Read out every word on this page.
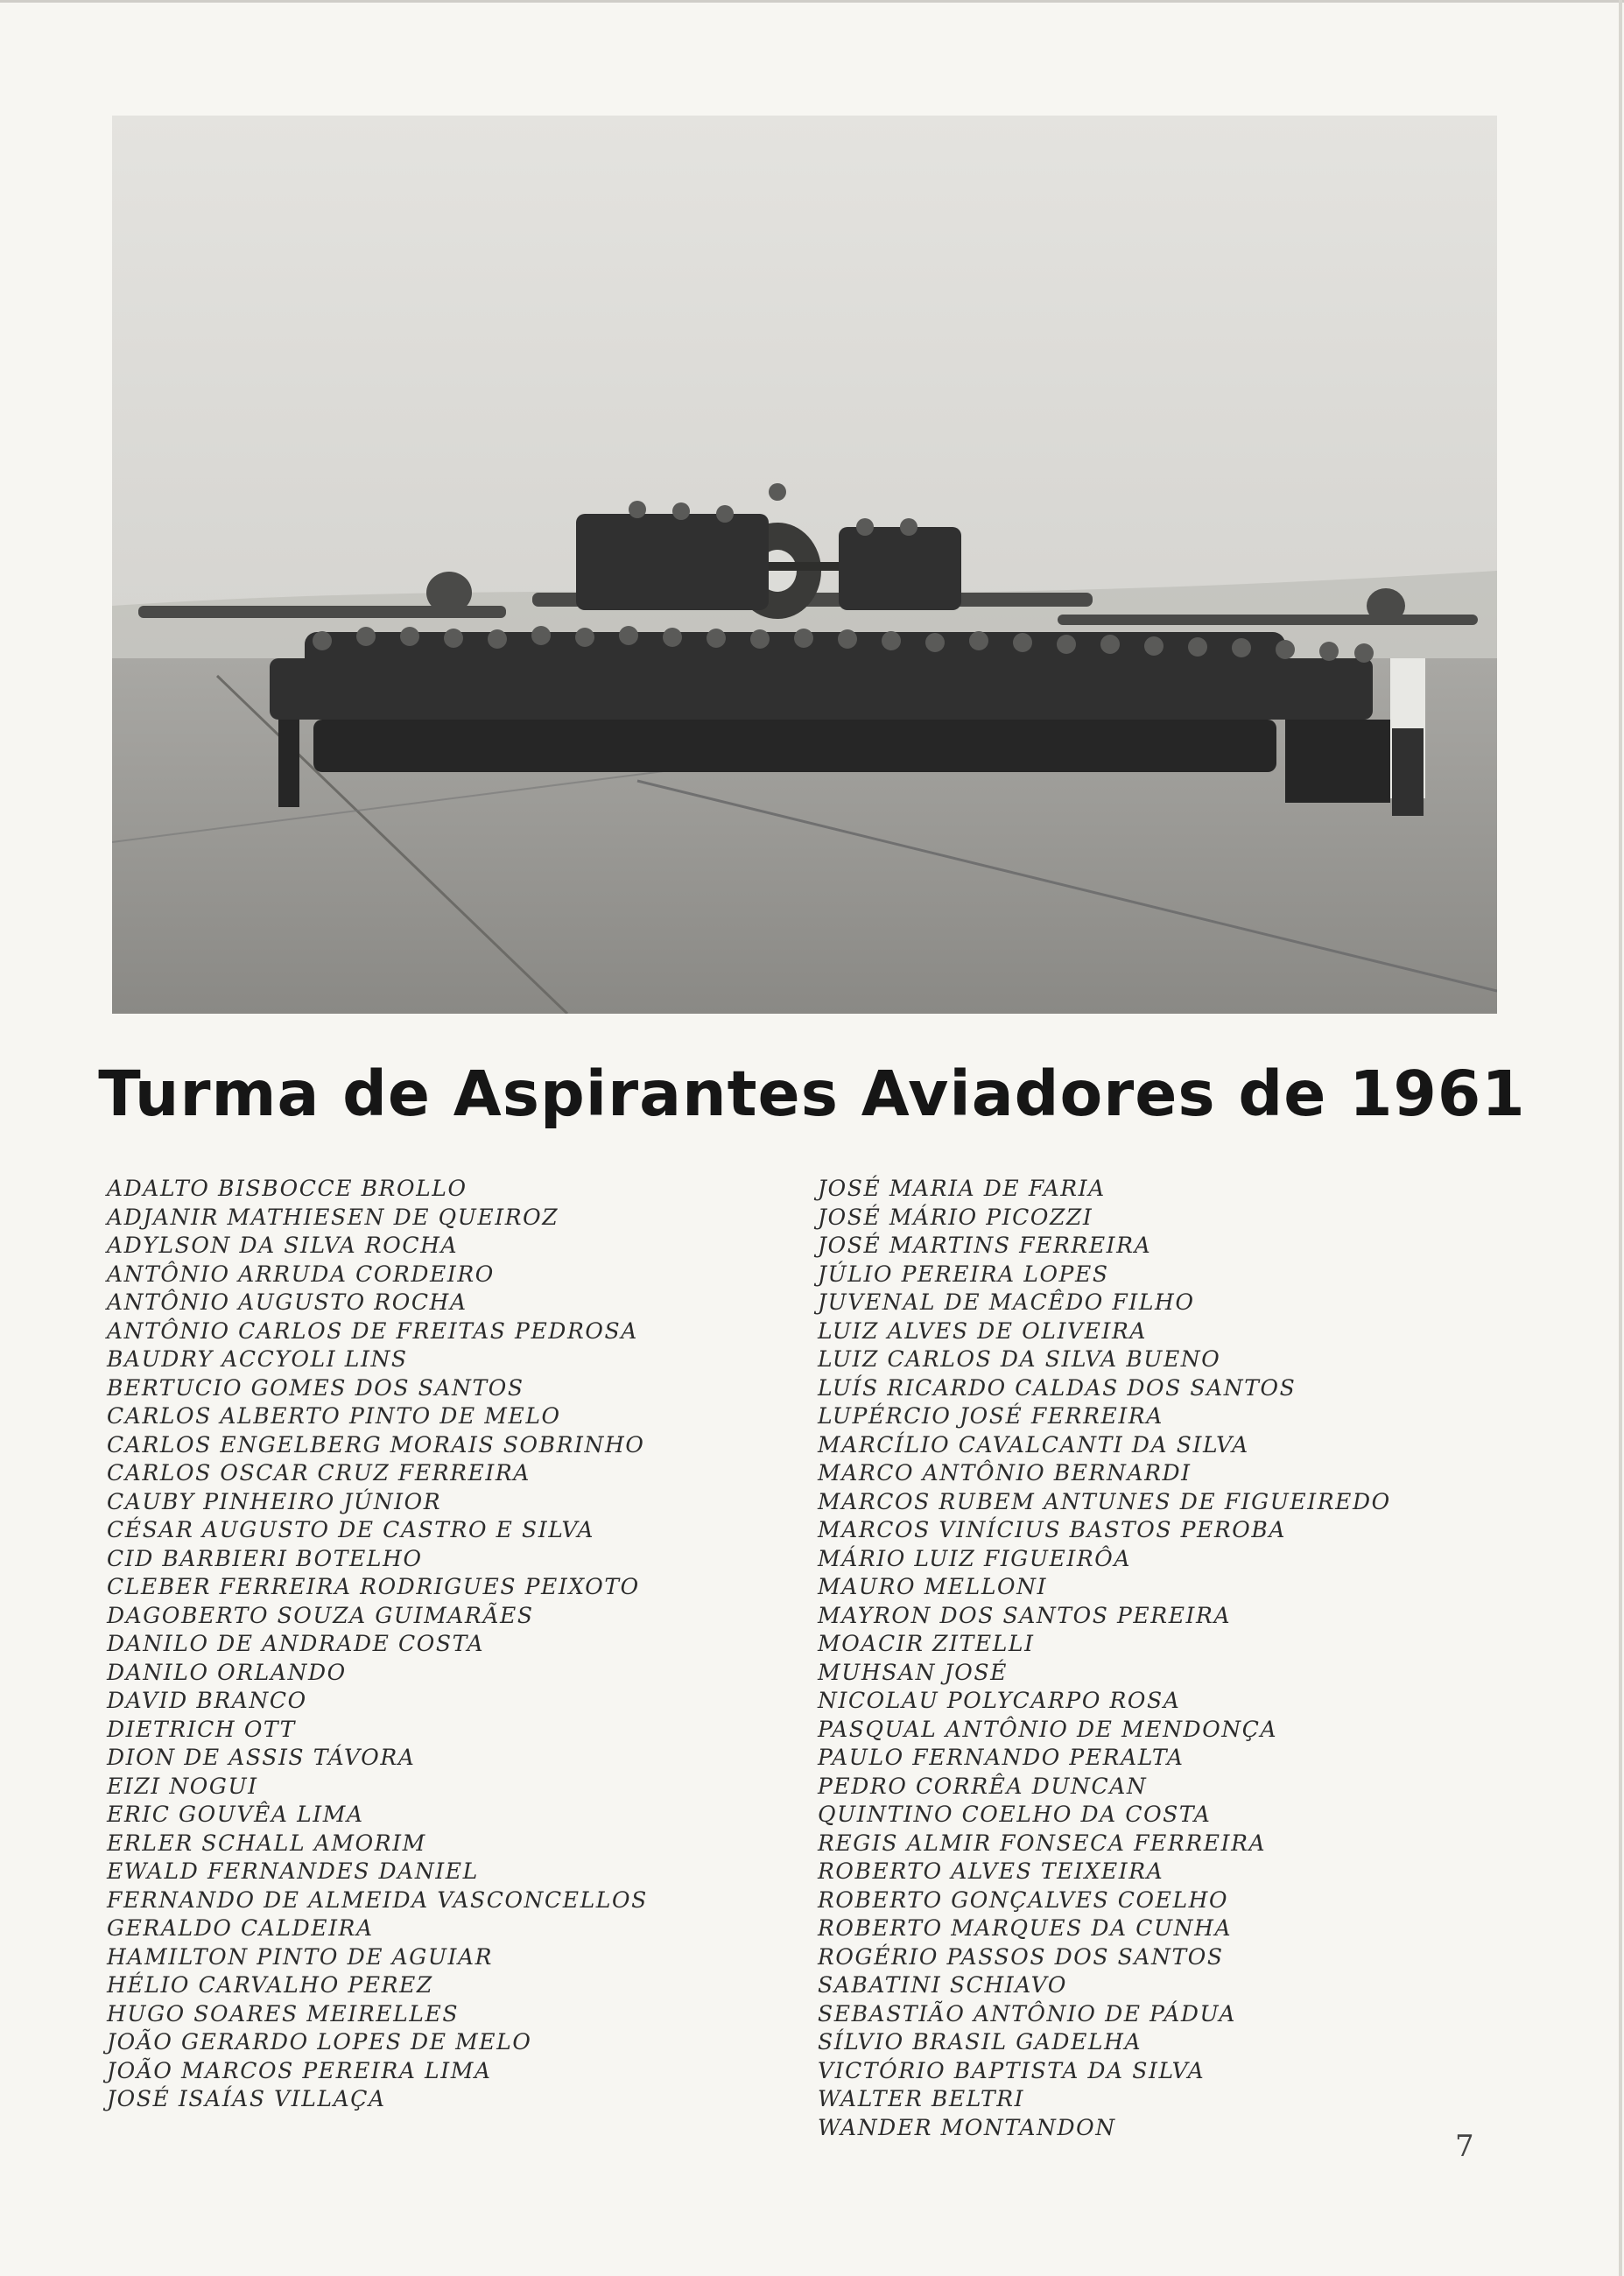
Turma de Aspirantes Aviadores de 1961
ADALTO BISBOCCE BROLLO
ADJANIR MATHIESEN DE QUEIROZ
ADYLSON DA SILVA ROCHA
ANTÔNIO ARRUDA CORDEIRO
ANTÔNIO AUGUSTO ROCHA
ANTÔNIO CARLOS DE FREITAS PEDROSA
BAUDRY ACCYOLI LINS
BERTUCIO GOMES DOS SANTOS
CARLOS ALBERTO PINTO DE MELO
CARLOS ENGELBERG MORAIS SOBRINHO
CARLOS OSCAR CRUZ FERREIRA
CAUBY PINHEIRO JÚNIOR
CÉSAR AUGUSTO DE CASTRO E SILVA
CID BARBIERI BOTELHO
CLEBER FERREIRA RODRIGUES PEIXOTO
DAGOBERTO SOUZA GUIMARÃES
DANILO DE ANDRADE COSTA
DANILO ORLANDO
DAVID BRANCO
DIETRICH OTT
DION DE ASSIS TÁVORA
EIZI NOGUI
ERIC GOUVÊA LIMA
ERLER SCHALL AMORIM
EWALD FERNANDES DANIEL
FERNANDO DE ALMEIDA VASCONCELLOS
GERALDO CALDEIRA
HAMILTON PINTO DE AGUIAR
HÉLIO CARVALHO PEREZ
HUGO SOARES MEIRELLES
JOÃO GERARDO LOPES DE MELO
JOÃO MARCOS PEREIRA LIMA
JOSÉ ISAÍAS VILLAÇA
JOSÉ MARIA DE FARIA
JOSÉ MÁRIO PICOZZI
JOSÉ MARTINS FERREIRA
JÚLIO PEREIRA LOPES
JUVENAL DE MACÊDO FILHO
LUIZ ALVES DE OLIVEIRA
LUIZ CARLOS DA SILVA BUENO
LUÍS RICARDO CALDAS DOS SANTOS
LUPÉRCIO JOSÉ FERREIRA
MARCÍLIO CAVALCANTI DA SILVA
MARCO ANTÔNIO BERNARDI
MARCOS RUBEM ANTUNES DE FIGUEIREDO
MARCOS VINÍCIUS BASTOS PEROBA
MÁRIO LUIZ FIGUEIRÔA
MAURO MELLONI
MAYRON DOS SANTOS PEREIRA
MOACIR ZITELLI
MUHSAN JOSÉ
NICOLAU POLYCARPO ROSA
PASQUAL ANTÔNIO DE MENDONÇA
PAULO FERNANDO PERALTA
PEDRO CORRÊA DUNCAN
QUINTINO COELHO DA COSTA
REGIS ALMIR FONSECA FERREIRA
ROBERTO ALVES TEIXEIRA
ROBERTO GONÇALVES COELHO
ROBERTO MARQUES DA CUNHA
ROGÉRIO PASSOS DOS SANTOS
SABATINI SCHIAVO
SEBASTIÃO ANTÔNIO DE PÁDUA
SÍLVIO BRASIL GADELHA
VICTÓRIO BAPTISTA DA SILVA
WALTER BELTRI
WANDER MONTANDON
7
